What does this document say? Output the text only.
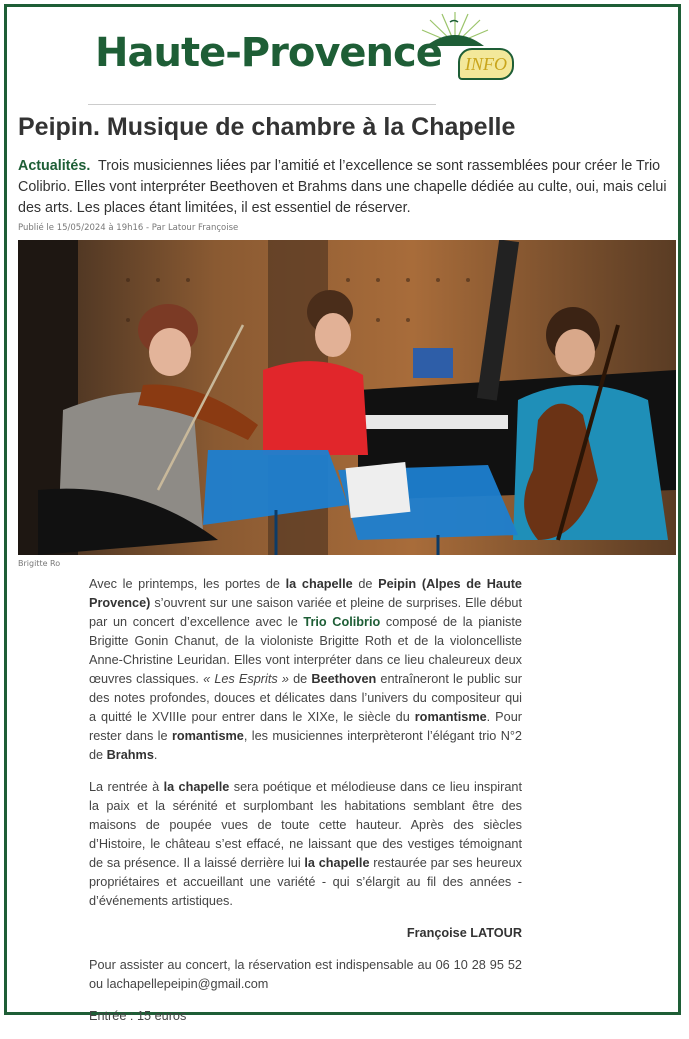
Haute-Provence	INFO
Peipin. Musique de chambre à la Chapelle
Actualités. Trois musiciennes liées par l’amitié et l’excellence se sont rassemblées pour créer le Trio Colibrio. Elles vont interpréter Beethoven et Brahms dans une chapelle dédiée au culte, oui, mais celui des arts. Les places étant limitées, il est essentiel de réserver.
Publié le 15/05/2024 à 19h16 - Par Latour Françoise
Brigitte Ro

Avec le printemps, les portes de la chapelle de Peipin (Alpes de Haute Provence) s’ouvrent sur une saison variée et pleine de surprises. Elle début par un concert d’excellence avec le Trio Colibrio composé de la pianiste Brigitte Gonin Chanut, de la violoniste Brigitte Roth et de la violoncelliste Anne-Christine Leuridan. Elles vont interpréter dans ce lieu chaleureux deux œuvres classiques. « Les Esprits » de Beethoven entraîneront le public sur des notes profondes, douces et délicates dans l’univers du compositeur qui a quitté le XVIIIe pour entrer dans le XIXe, le siècle du romantisme. Pour rester dans le romantisme, les musiciennes interprèteront l’élégant trio N°2 de Brahms.

La rentrée à la chapelle sera poétique et mélodieuse dans ce lieu inspirant la paix et la sérénité et surplombant les habitations semblant être des maisons de poupée vues de toute cette hauteur. Après des siècles d’Histoire, le château s’est effacé, ne laissant que des vestiges témoignant de sa présence. Il a laissé derrière lui la chapelle restaurée par ses heureux propriétaires et accueillant une variété - qui s’élargit au fil des années - d’événements artistiques.

Françoise LATOUR

Pour assister au concert, la réservation est indispensable au 06 10 28 95 52 ou lachapellepeipin@gmail.com

Entrée : 15 euros
